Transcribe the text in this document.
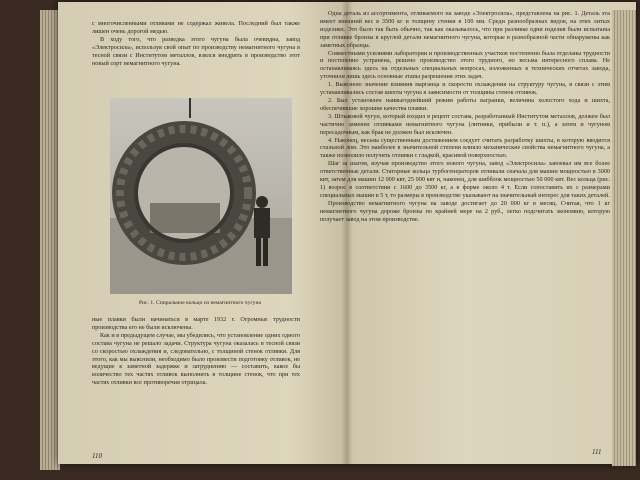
с многочисленными отливами не содержал живела. Последний был также лишен очень дорогой медью.

В ходу того, что разведка этого чугуна была очевидна, завод «Электросила», используя свой опыт по производству немагнитного чугуна в тесной связи с Институтом металлов, взялся внедрить в производство этот новый сорт немагнитного чугуна.

Рис. 1. Спиральное кольцо из немагнитного чугуна

ные плавки были начинаться в марте 1932 г. Огромные трудности производства его не были исключены.

Как и в предыдущем случае, мы убедились, что установление одних одного состава чугуна не решало задачи. Структура чугуна оказалась в тесной связи со скоростью охлаждения и, следовательно, с толщиной стенок отливки. Для этого, как мы выяснили, необходимо было произвести подготовку отливок, не ведущие к заметной задержке и затруднению — составить, какое бы количество тех частях отливок выполнить в толщине стенок, что при тех частях отливки все противоречия отрицала.

110

Одна деталь из ассортимента, отливаемого на заводе «Электросила», представлена на рис. 1. Деталь эта имеет внешний вес в 3500 кг и толщину стенки в 100 мм. Среди разнообразных видов, на этих литых изделиях. Это было так быть обычно, так как оказывалось, что при разливке одни изделия были испытаны при отливке бронзы в круглой детали немагнитного чугуна, которые в разнобразной части обнаружены как заметных образцы.

Совместными усилиями лаборатории и производственных участков постепенно была отделаны трудности и постепенно устранена, решено производство этого трудного, но весьма интересного сплава. Не останавливаясь здесь на отдельных специальных вопросах, изложенных в технических отчетах завода, уточнили лишь здесь основные этапы разрешения этих задач.

1. Выяснено значение влияния марганца и скорости охлаждения на структуру чугуна, в связи с этим устанавливались состав шихты чугуна в зависимости от толщины стенок отливок.

2. Был установлен наивыгоднейший режим работы вагранки, величина холостого хода и шихта, обеспечившие хорошие качества плавки.

3. Штыковой чугун, который входил в рецепт состава, разработанный Институтом металлов, должен был частично заменен отливками немагнитного чугуна (литники, прибыли и т. п.), а затем и чугуном пересадочным, как брак не должен был исключен.

4. Наконец, весьма существенным достижением следует считать разработку шихты, в которую вводится стальной лом. Это наиболее в значительной степени влияло механические свойства немагнитного чугуна, а также позволило получить отливки с гладкой, красивой поверхностью.

Шаг за шагом, изучая производство этого нового чугуна, завод «Электросила» завоевал им все более ответственные детали. Статорные кольца турбогенераторов отливали сначала для машин мощностью в 3000 квт, затем для машин 12 000 квт, 25 000 квт и, наконец, для шибблок мощностью 50 000 квт. Вес кольца (рис. 1) возрос в соответствии с 1600 до 3500 кг, а в форме около 4 т. Если сопоставить их с размерами специальных машин в 5 т, то размеры в производстве указывают на значительный интерес для таких деталей.

Производство немагнитного чугуна на заводе достигает до 20 000 кг в месяц. Считая, что 1 кг немагнитного чугуна дороже бронзы по крайней мере на 2 руб., легко подсчитать экономию, которую получает завод на этом производстве.

111
